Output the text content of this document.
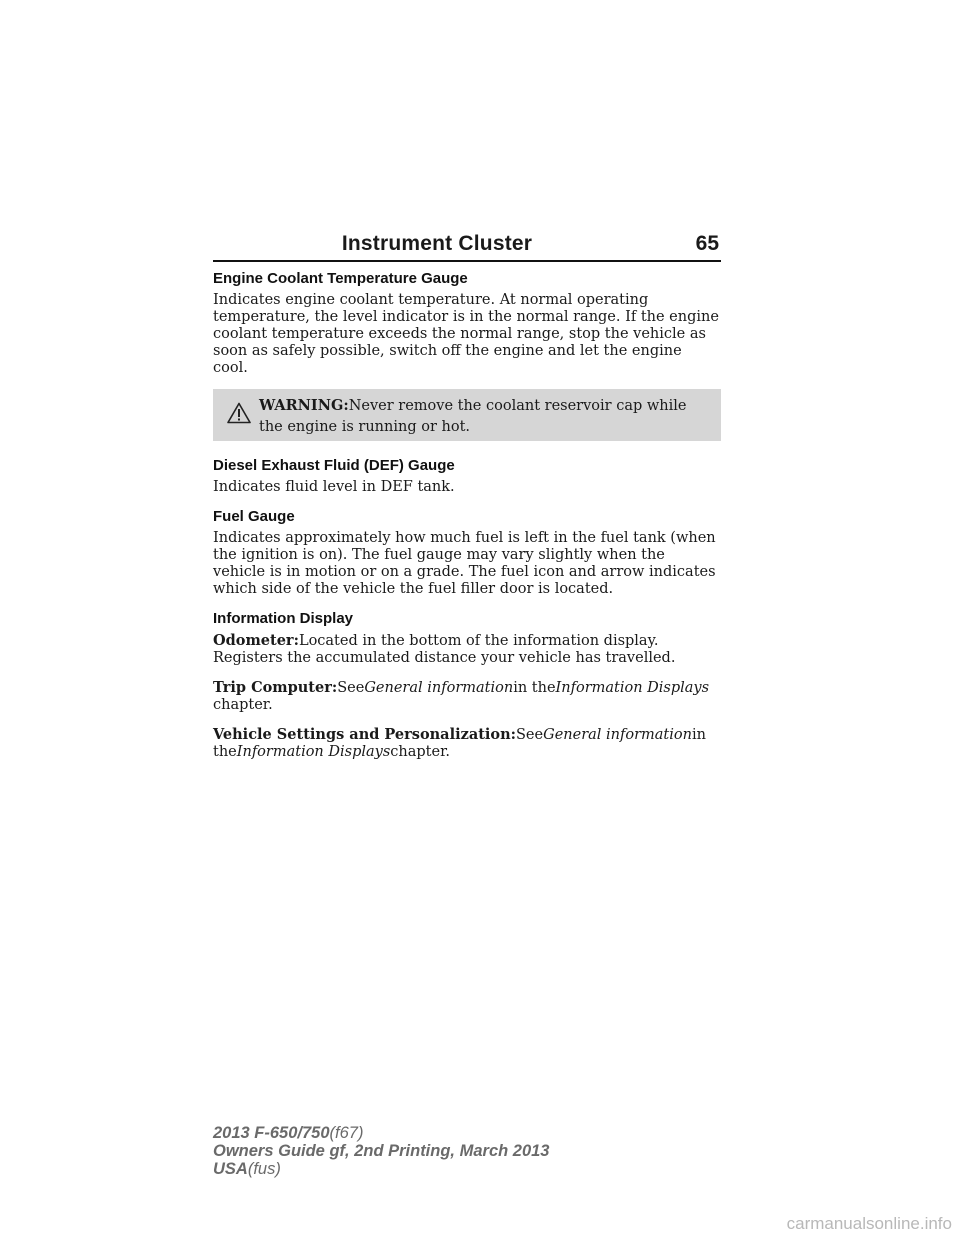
Instrument Cluster	65
Engine Coolant Temperature Gauge

Indicates engine coolant temperature. At normal operating temperature, the level indicator is in the normal range. If the engine coolant temperature exceeds the normal range, stop the vehicle as soon as safely possible, switch off the engine and let the engine cool.

WARNING:Never remove the coolant reservoir cap while the engine is running or hot.
Diesel Exhaust Fluid (DEF) Gauge

Indicates fluid level in DEF tank.

Fuel Gauge

Indicates approximately how much fuel is left in the fuel tank (when the ignition is on). The fuel gauge may vary slightly when the vehicle is in motion or on a grade. The fuel icon and arrow indicates which side of the vehicle the fuel filler door is located.

Information Display

Odometer:Located in the bottom of the information display. Registers the accumulated distance your vehicle has travelled.

Trip Computer:SeeGeneral informationin theInformation Displays chapter.

Vehicle Settings and Personalization:SeeGeneral informationin theInformation Displayschapter.

2013 F-650/750(f67)
Owners Guide gf, 2nd Printing, March 2013
USA(fus)
carmanualsonline.info
